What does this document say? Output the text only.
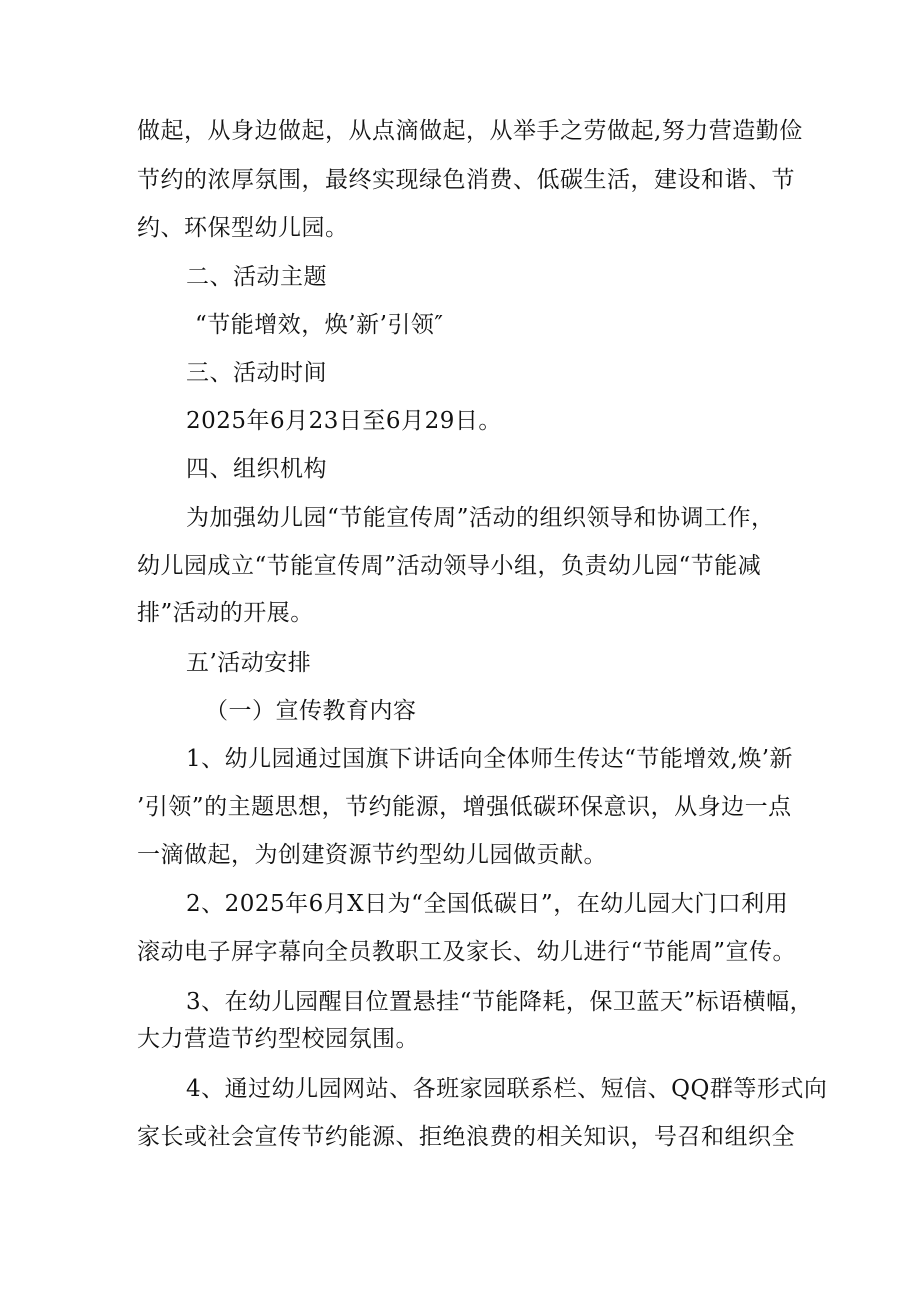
做起，从身边做起，从点滴做起，从举手之劳做起,努力营造勤俭
节约的浓厚氛围，最终实现绿色消费、低碳生活，建设和谐、节
约、环保型幼儿园。
二、活动主题
“节能增效，焕’新’引领″
三、活动时间
2025年6月23日至6月29日。
四、组织机构
为加强幼儿园“节能宣传周”活动的组织领导和协调工作，
幼儿园成立“节能宣传周”活动领导小组，负责幼儿园“节能减
排”活动的开展。
五’活动安排
（一）宣传教育内容
1、幼儿园通过国旗下讲话向全体师生传达“节能增效,焕’新
’引领”的主题思想，节约能源，增强低碳环保意识，从身边一点
一滴做起，为创建资源节约型幼儿园做贡献。
2、2025年6月X日为“全国低碳日”，在幼儿园大门口利用
滚动电子屏字幕向全员教职工及家长、幼儿进行“节能周”宣传。
3、在幼儿园醒目位置悬挂“节能降耗，保卫蓝天”标语横幅，
大力营造节约型校园氛围。
4、通过幼儿园网站、各班家园联系栏、短信、QQ群等形式向
家长或社会宣传节约能源、拒绝浪费的相关知识，号召和组织全
